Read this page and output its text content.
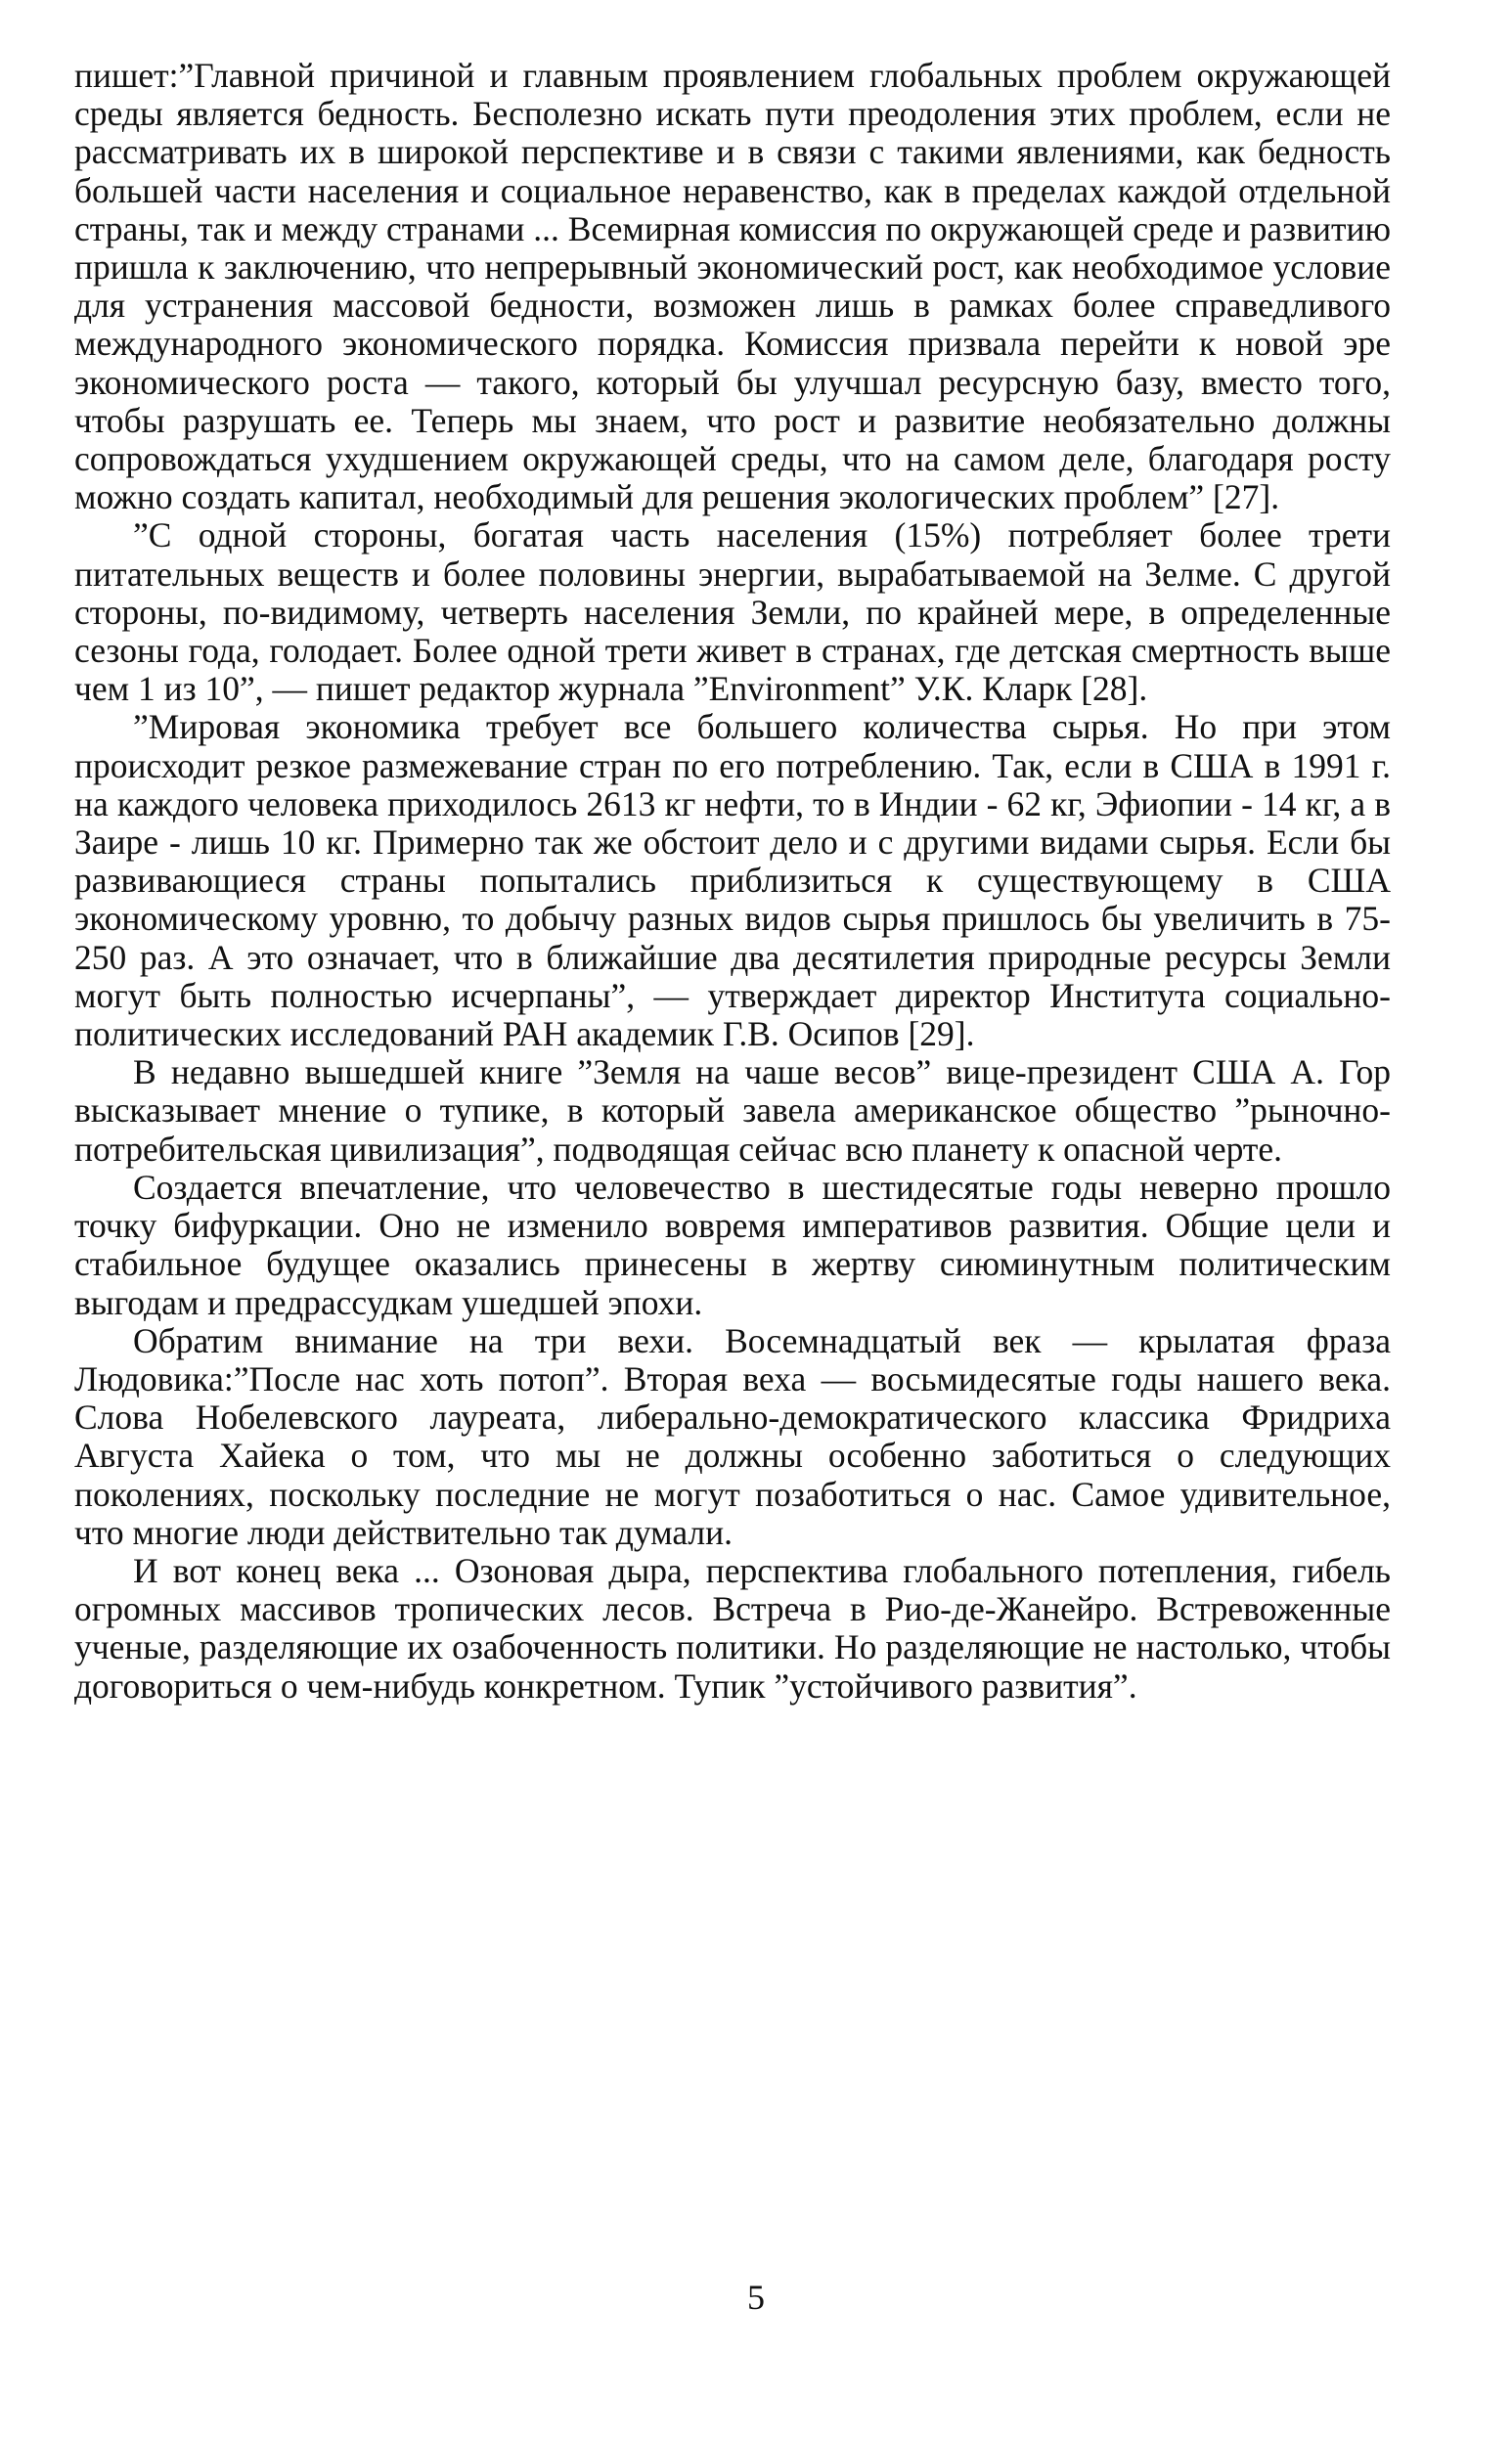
пишет:”Главной причиной и главным проявлением глобальных проблем окружающей среды является бедность. Бесполезно искать пути преодоления этих проблем, если не рассматривать их в широкой перспективе и в связи с такими явлениями, как бедность большей части населения и социальное неравенство, как в пределах каждой отдельной страны, так и между странами ... Всемирная комиссия по окружающей среде и развитию пришла к заключению, что непрерывный экономический рост, как необходимое условие для устранения массовой бедности, возможен лишь в рамках более справедливого международного экономического порядка. Комиссия призвала перейти к новой эре экономического роста — такого, который бы улучшал ресурсную базу, вместо того, чтобы разрушать ее. Теперь мы знаем, что рост и развитие необязательно должны сопровождаться ухудшением окружающей среды, что на самом деле, благодаря росту можно создать капитал, необходимый для решения экологических проблем” [27].

”С одной стороны, богатая часть населения (15%) потребляет более трети питательных веществ и более половины энергии, вырабатываемой на Зелме. С другой стороны, по-видимому, четверть населения Земли, по крайней мере, в определенные сезоны года, голодает. Более одной трети живет в странах, где детская смертность выше чем 1 из 10”, — пишет редактор журнала ”Environment” У.К. Кларк [28].

”Мировая экономика требует все большего количества сырья. Но при этом происходит резкое размежевание стран по его потреблению. Так, если в США в 1991 г. на каждого человека приходилось 2613 кг нефти, то в Индии - 62 кг, Эфиопии - 14 кг, а в Заире - лишь 10 кг. Примерно так же обстоит дело и с другими видами сырья. Если бы развивающиеся страны попытались приблизиться к существующему в США экономическому уровню, то добычу разных видов сырья пришлось бы увеличить в 75-250 раз. А это означает, что в ближайшие два десятилетия природные ресурсы Земли могут быть полностью исчерпаны”, — утверждает директор Института социально-политических исследований РАН академик Г.В. Осипов [29].

В недавно вышедшей книге ”Земля на чаше весов” вице-президент США А. Гор высказывает мнение о тупике, в который завела американское общество ”рыночно-потребительская цивилизация”, подводящая сейчас всю планету к опасной черте.

Создается впечатление, что человечество в шестидесятые годы неверно прошло точку бифуркации. Оно не изменило вовремя императивов развития. Общие цели и стабильное будущее оказались принесены в жертву сиюминутным политическим выгодам и предрассудкам ушедшей эпохи.

Обратим внимание на три вехи. Восемнадцатый век — крылатая фраза Людовика:”После нас хоть потоп”. Вторая веха — восьмидесятые годы нашего века. Слова Нобелевского лауреата, либерально-демократического классика Фридриха Августа Хайека о том, что мы не должны особенно заботиться о следующих поколениях, поскольку последние не могут позаботиться о нас. Самое удивительное, что многие люди действительно так думали.

И вот конец века ... Озоновая дыра, перспектива глобального потепления, гибель огромных массивов тропических лесов. Встреча в Рио-де-Жанейро. Встревоженные ученые, разделяющие их озабоченность политики. Но разделяющие не настолько, чтобы договориться о чем-нибудь конкретном. Тупик ”устойчивого развития”.

5
